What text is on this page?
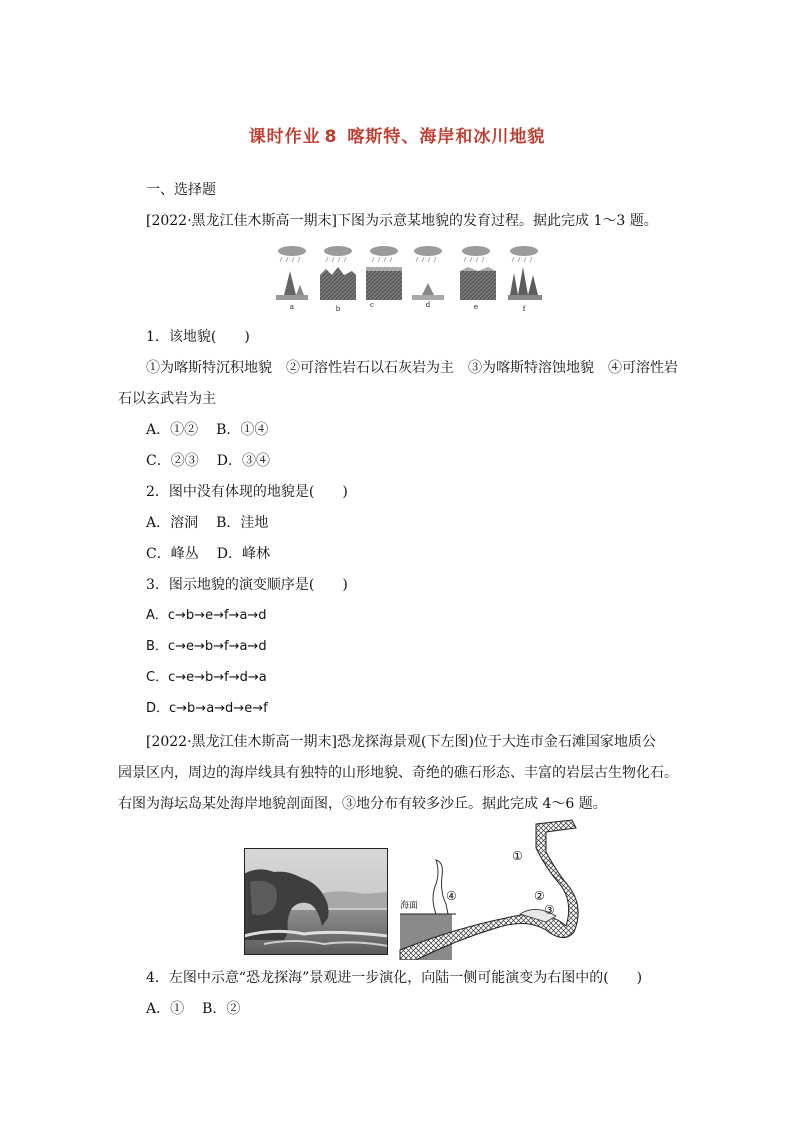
课时作业 8 喀斯特、海岸和冰川地貌
一、选择题
[2022·黑龙江佳木斯高一期末]下图为示意某地貌的发育过程。据此完成 1～3 题。
a	b	c	d	e	f
1．该地貌(　　)
①为喀斯特沉积地貌　②可溶性岩石以石灰岩为主　③为喀斯特溶蚀地貌　④可溶性岩
石以玄武岩为主
A．①② B．①④
C．②③ D．③④
2．图中没有体现的地貌是(　　)
A．溶洞 B．洼地
C．峰丛 D．峰林
3．图示地貌的演变顺序是(　　)
A．c→b→e→f→a→d
B．c→e→b→f→a→d
C．c→e→b→f→d→a
D．c→b→a→d→e→f
[2022·黑龙江佳木斯高一期末]恐龙探海景观(下左图)位于大连市金石滩国家地质公
园景区内，周边的海岸线具有独特的山形地貌、奇绝的礁石形态、丰富的岩层古生物化石。
右图为海坛岛某处海岸地貌剖面图，③地分布有较多沙丘。据此完成 4～6 题。
海面
①
②
③
④
4．左图中示意“恐龙探海”景观进一步演化，向陆一侧可能演变为右图中的(　　)
A．① B．②
